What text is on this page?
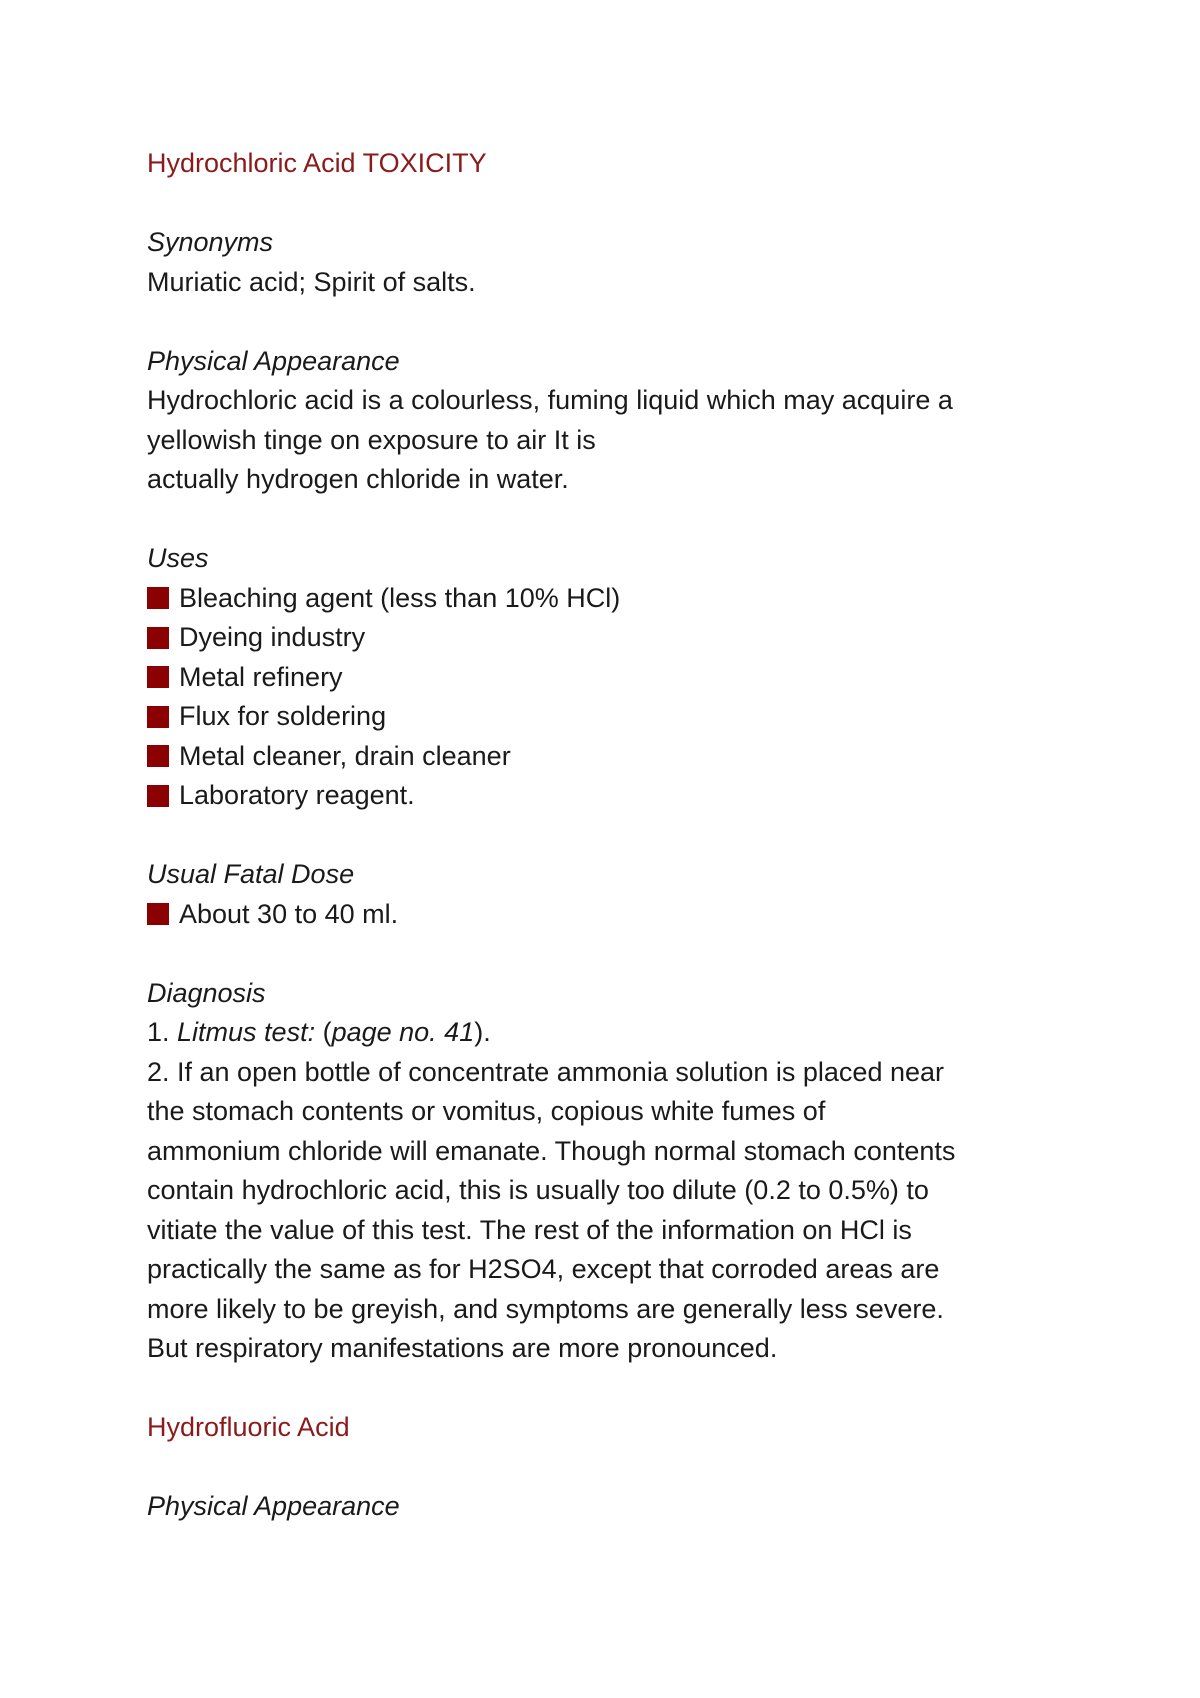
Hydrochloric Acid TOXICITY

Synonyms

Muriatic acid; Spirit of salts.

Physical Appearance

Hydrochloric acid is a colourless, fuming liquid which may acquire a

yellowish tinge on exposure to air It is

actually hydrogen chloride in water.

Uses

Bleaching agent (less than 10% HCl)
Dyeing industry
Metal refinery
Flux for soldering
Metal cleaner, drain cleaner
Laboratory reagent.

Usual Fatal Dose

About 30 to 40 ml.

Diagnosis

1. Litmus test: (page no. 41).

2. If an open bottle of concentrate ammonia solution is placed near

the stomach contents or vomitus, copious white fumes of

ammonium chloride will emanate. Though normal stomach contents

contain hydrochloric acid, this is usually too dilute (0.2 to 0.5%) to

vitiate the value of this test. The rest of the information on HCl is

practically the same as for H2SO4, except that corroded areas are

more likely to be greyish, and symptoms are generally less severe.

But respiratory manifestations are more pronounced.

Hydrofluoric Acid

Physical Appearance
